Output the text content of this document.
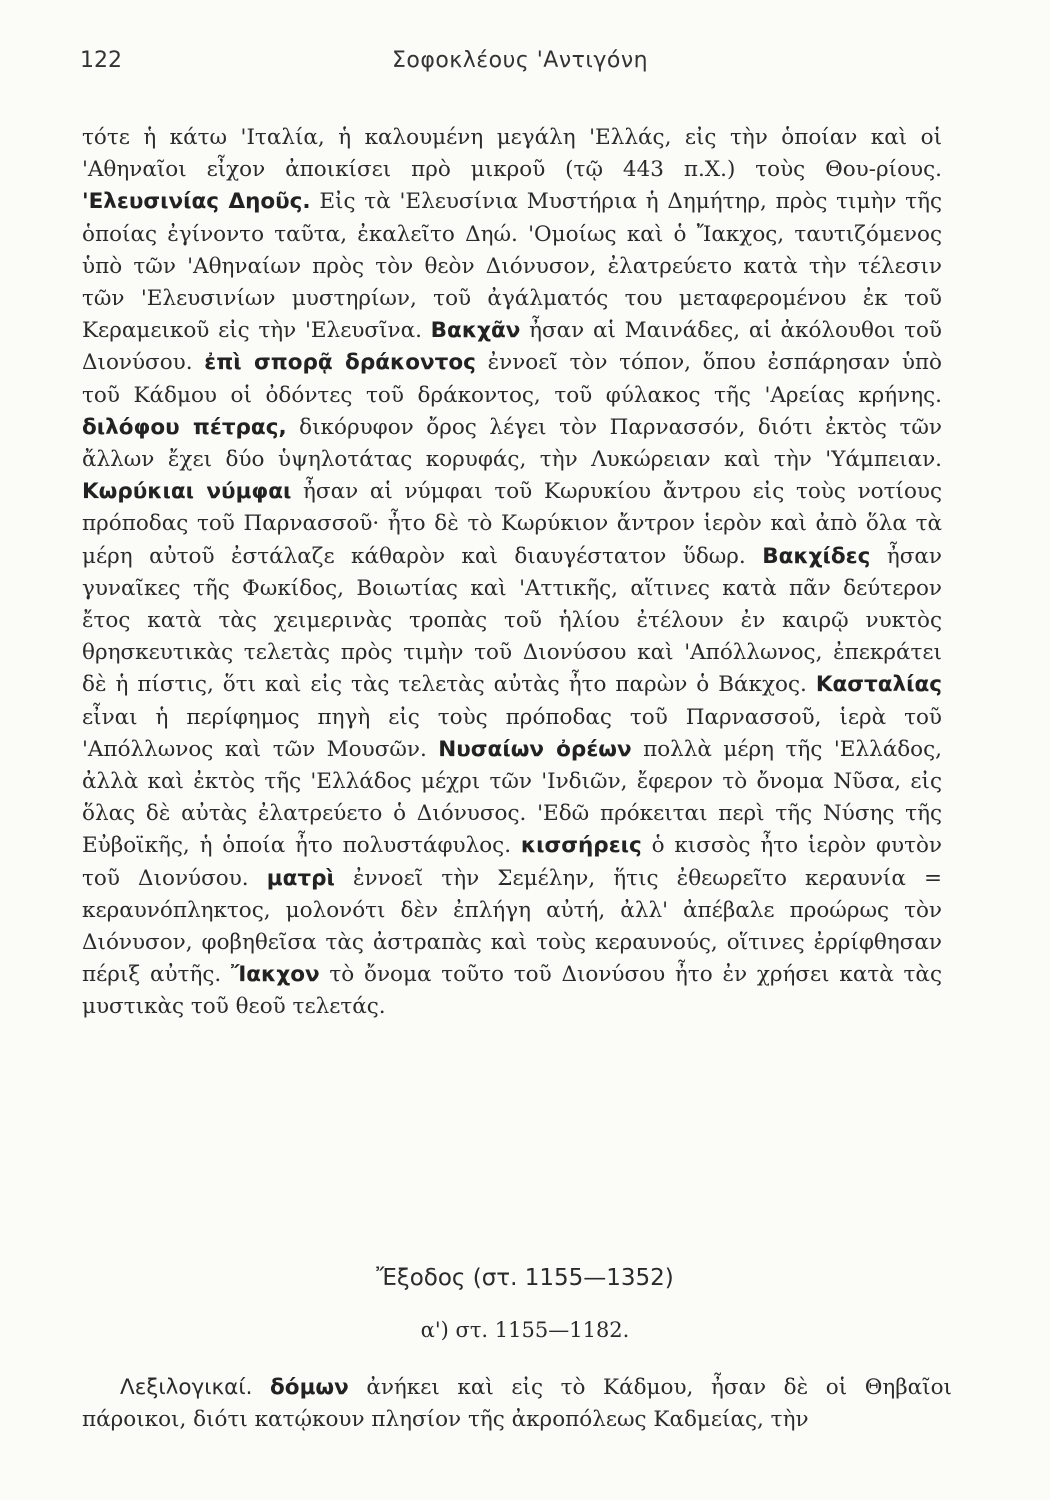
122	Σοφοκλέους 'Αντιγόνη

τότε ἡ κάτω 'Ιταλία, ἡ καλουμένη μεγάλη 'Ελλάς, εἰς τὴν ὁποίαν καὶ οἱ 'Αθηναῖοι εἶχον ἀποικίσει πρὸ μικροῦ (τῷ 443 π.Χ.) τοὺς Θου-ρίους. 'Ελευσινίας Δηοῦς. Εἰς τὰ 'Ελευσίνια Μυστήρια ἡ Δημήτηρ, πρὸς τιμὴν τῆς ὁποίας ἐγίνοντο ταῦτα, ἐκαλεῖτο Δηώ. 'Ομοίως καὶ ὁ Ἴακχος, ταυτιζόμενος ὑπὸ τῶν 'Αθηναίων πρὸς τὸν θεὸν Διόνυσον, ἐλατρεύετο κατὰ τὴν τέλεσιν τῶν 'Ελευσινίων μυστηρίων, τοῦ ἀγάλματός του μεταφερομένου ἐκ τοῦ Κεραμεικοῦ εἰς τὴν 'Ελευσῖνα. Βακχᾶν ἦσαν αἱ Μαινάδες, αἱ ἀκόλουθοι τοῦ Διονύσου. ἐπὶ σπορᾷ δράκοντος ἐννοεῖ τὸν τόπον, ὅπου ἐσπάρησαν ὑπὸ τοῦ Κάδμου οἱ ὀδόντες τοῦ δράκοντος, τοῦ φύλακος τῆς 'Αρείας κρήνης. διλόφου πέτρας, δικόρυφον ὄρος λέγει τὸν Παρνασσόν, διότι ἐκτὸς τῶν ἄλλων ἔχει δύο ὑψηλοτάτας κορυφάς, τὴν Λυκώρειαν καὶ τὴν 'Υάμπειαν. Κωρύκιαι νύμφαι ἦσαν αἱ νύμφαι τοῦ Κωρυκίου ἄντρου εἰς τοὺς νοτίους πρόποδας τοῦ Παρνασσοῦ· ἦτο δὲ τὸ Κωρύκιον ἄντρον ἱερὸν καὶ ἀπὸ ὅλα τὰ μέρη αὐτοῦ ἐστάλαζε κάθαρὸν καὶ διαυγέστατον ὕδωρ. Βακχίδες ἦσαν γυναῖκες τῆς Φωκίδος, Βοιωτίας καὶ 'Αττικῆς, αἵτινες κατὰ πᾶν δεύτερον ἔτος κατὰ τὰς χειμερινὰς τροπὰς τοῦ ἡλίου ἐτέλουν ἐν καιρῷ νυκτὸς θρησκευτικὰς τελετὰς πρὸς τιμὴν τοῦ Διονύσου καὶ 'Απόλλωνος, ἐπεκράτει δὲ ἡ πίστις, ὅτι καὶ εἰς τὰς τελετὰς αὐτὰς ἦτο παρὼν ὁ Βάκχος. Κασταλίας εἶναι ἡ περίφημος πηγὴ εἰς τοὺς πρόποδας τοῦ Παρνασσοῦ, ἱερὰ τοῦ 'Απόλλωνος καὶ τῶν Μουσῶν. Νυσαίων ὀρέων πολλὰ μέρη τῆς 'Ελλάδος, ἀλλὰ καὶ ἐκτὸς τῆς 'Ελλάδος μέχρι τῶν 'Ινδιῶν, ἔφερον τὸ ὄνομα Νῦσα, εἰς ὅλας δὲ αὐτὰς ἐλατρεύετο ὁ Διόνυσος. 'Εδῶ πρόκειται περὶ τῆς Νύσης τῆς Εὐβοϊκῆς, ἡ ὁποία ἦτο πολυστάφυλος. κισσήρεις ὁ κισσὸς ἦτο ἱερὸν φυτὸν τοῦ Διονύσου. ματρὶ ἐννοεῖ τὴν Σεμέλην, ἥτις ἐθεωρεῖτο κεραυνία = κεραυνόπληκτος, μολονότι δὲν ἐπλήγη αὐτή, ἀλλ' ἀπέβαλε προώρως τὸν Διόνυσον, φοβηθεῖσα τὰς ἀστραπὰς καὶ τοὺς κεραυνούς, οἵτινες ἐρρίφθησαν πέριξ αὐτῆς. Ἴακχον τὸ ὄνομα τοῦτο τοῦ Διονύσου ἦτο ἐν χρήσει κατὰ τὰς μυστικὰς τοῦ θεοῦ τελετάς.

Ἔξοδος (στ. 1155—1352)
α') στ. 1155—1182.

Λεξιλογικαί. δόμων ἀνήκει καὶ εἰς τὸ Κάδμου, ἦσαν δὲ οἱ Θηβαῖοι πάροικοι, διότι κατῴκουν πλησίον τῆς ἀκροπόλεως Καδμείας, τὴν
